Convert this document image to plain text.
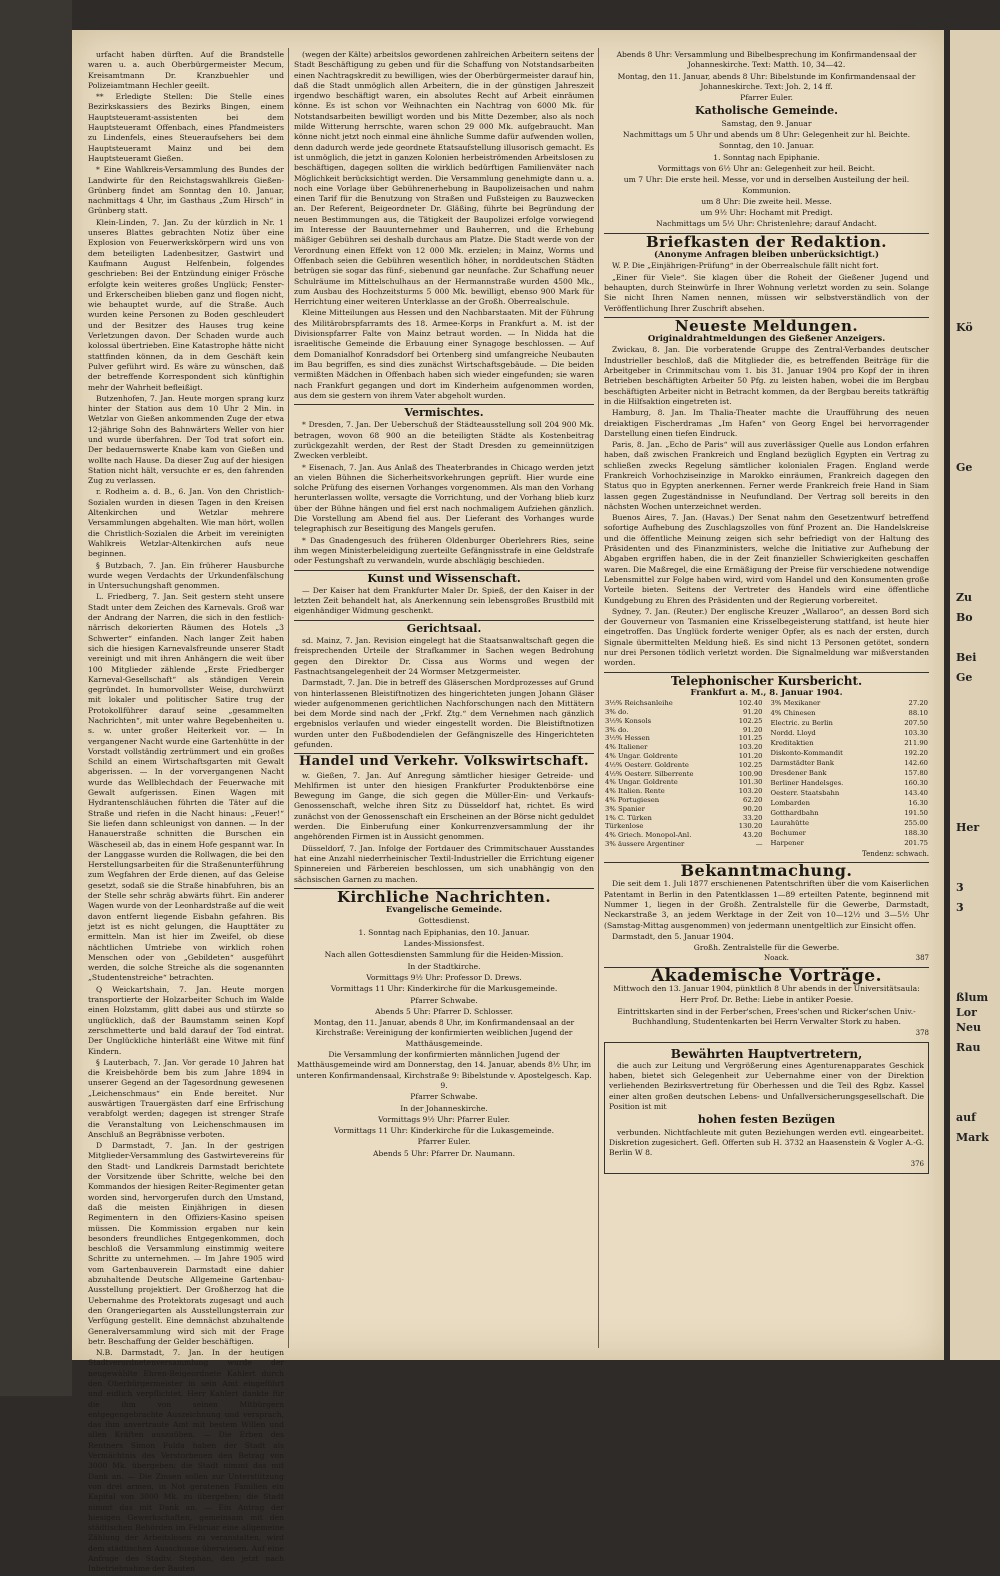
urfacht haben dürften. Auf die Brandstelle waren u. a. auch Oberbürgermeister Mecum, Kreisamtmann Dr. Kranzbuehler und Polizeiamtmann Hechler geeilt.

** Erledigte Stellen: Die Stelle eines Bezirkskassiers des Bezirks Bingen, einem Hauptsteueramt-assistenten bei dem Hauptsteueramt Offenbach, eines Pfandmeisters zu Lindenfels, eines Steueraufsehers bei dem Hauptsteueramt Mainz und bei dem Hauptsteueramt Gießen.

* Eine Wahlkreis-Versammlung des Bundes der Landwirte für den Reichstagswahlkreis Gießen-Grünberg findet am Sonntag den 10. Januar, nachmittags 4 Uhr, im Gasthaus „Zum Hirsch“ in Grünberg statt.

Klein-Linden, 7. Jan. Zu der kürzlich in Nr. 1 unseres Blattes gebrachten Notiz über eine Explosion von Feuerwerkskörpern wird uns von dem beteiligten Ladenbesitzer, Gastwirt und Kaufmann August Helfenbein, folgendes geschrieben: Bei der Entzündung einiger Frösche erfolgte kein weiteres großes Unglück; Fenster- und Erkerscheiben blieben ganz und flogen nicht, wie behauptet wurde, auf die Straße. Auch wurden keine Personen zu Boden geschleudert und der Besitzer des Hauses trug keine Verletzungen davon. Der Schaden wurde auch kolossal übertrieben. Eine Katastrophe hätte nicht stattfinden können, da in dem Geschäft kein Pulver geführt wird. Es wäre zu wünschen, daß der betreffende Korrespondent sich künftighin mehr der Wahrheit befleißigt.

Butzenhofen, 7. Jan. Heute morgen sprang kurz hinter der Station aus dem 10 Uhr 2 Min. in Wetzlar von Gießen ankommenden Zuge der etwa 12-jährige Sohn des Bahnwärters Weller von hier und wurde überfahren. Der Tod trat sofort ein. Der bedauernswerte Knabe kam von Gießen und wollte nach Hause. Da dieser Zug auf der hiesigen Station nicht hält, versuchte er es, den fahrenden Zug zu verlassen.

r. Rodheim a. d. B., 6. Jan. Von den Christlich-Sozialen wurden in diesen Tagen in den Kreisen Altenkirchen und Wetzlar mehrere Versammlungen abgehalten. Wie man hört, wollen die Christlich-Sozialen die Arbeit im vereinigten Wahlkreis Wetzlar-Altenkirchen aufs neue beginnen.

§ Butzbach, 7. Jan. Ein früherer Hausburche wurde wegen Verdachts der Urkundenfälschung in Untersuchungshaft genommen.

L. Friedberg, 7. Jan. Seit gestern steht unsere Stadt unter dem Zeichen des Karnevals. Groß war der Andrang der Narren, die sich in den festlich-närrisch dekorierten Räumen des Hotels „3 Schwerter“ einfanden. Nach langer Zeit haben sich die hiesigen Karnevalsfreunde unserer Stadt vereinigt und mit ihren Anhängern die weit über 100 Mitglieder zählende „Erste Friedberger Karneval-Gesellschaft“ als ständigen Verein gegründet. In humorvollster Weise, durchwürzt mit lokaler und politischer Satire trug der Protokollführer darauf seine „gesammelten Nachrichten“, mit unter wahre Begebenheiten u. s. w. unter großer Heiterkeit vor. — In vergangener Nacht wurde eine Gartenhütte in der Vorstadt vollständig zertrümmert und ein großes Schild an einem Wirtschaftsgarten mit Gewalt abgerissen. — In der vorvergangenen Nacht wurde das Wellblechdach der Feuerwache mit Gewalt aufgerissen. Einen Wagen mit Hydrantenschläuchen führten die Täter auf die Straße und riefen in die Nacht hinaus: „Feuer!“ Sie liefen dann schleunigst von dannen. — In der Hanauerstraße schnitten die Burschen ein Wäscheseil ab, das in einem Hofe gespannt war. In der Langgasse wurden die Rollwagen, die bei den Herstellungsarbeiten für die Straßenunterführung zum Wegfahren der Erde dienen, auf das Geleise gesetzt, sodaß sie die Straße hinabfuhren, bis an der Stelle sehr schräg abwärts führt. Ein anderer Wagen wurde von der Leonhardstraße auf die weit davon entfernt liegende Eisbahn gefahren. Bis jetzt ist es nicht gelungen, die Haupttäter zu ermitteln. Man ist hier im Zweifel, ob diese nächtlichen Umtriebe von wirklich rohen Menschen oder von „Gebildeten“ ausgeführt werden, die solche Streiche als die sogenannten „Studentenstreiche“ betrachten.

Q Weickartshain, 7. Jan. Heute morgen transportierte der Holzarbeiter Schuch im Walde einen Holzstamm, glitt dabei aus und stürzte so unglücklich, daß der Baumstamm seinen Kopf zerschmetterte und bald darauf der Tod eintrat. Der Unglückliche hinterläßt eine Witwe mit fünf Kindern.

§ Lauterbach, 7. Jan. Vor gerade 10 Jahren hat die Kreisbehörde bem bis zum Jahre 1894 in unserer Gegend an der Tagesordnung gewesenen „Leichenschmaus“ ein Ende bereitet. Nur auswärtigen Trauergästen darf eine Erfrischung verabfolgt werden; dagegen ist strenger Strafe die Veranstaltung von Leichenschmausen im Anschluß an Begräbnisse verboten.

D Darmstadt, 7. Jan. In der gestrigen Mitglieder-Versammlung des Gastwirtevereins für den Stadt- und Landkreis Darmstadt berichtete der Vorsitzende über Schritte, welche bei den Kommandos der hiesigen Reiter-Regimenter getan worden sind, hervorgerufen durch den Umstand, daß die meisten Einjährigen in diesen Regimentern in den Offiziers-Kasino speisen müssen. Die Kommission ergaben nur kein besonders freundliches Entgegenkommen, doch beschloß die Versammlung einstimmig weitere Schritte zu unternehmen. — Im Jahre 1905 wird vom Gartenbauverein Darmstadt eine dahier abzuhaltende Deutsche Allgemeine Gartenbau-Ausstellung projektiert. Der Großherzog hat die Uebernahme des Protektorats zugesagt und auch den Orangeriegarten als Ausstellungsterrain zur Verfügung gestellt. Eine demnächst abzuhaltende Generalversammlung wird sich mit der Frage betr. Beschaffung der Gelder beschäftigen.

N.B. Darmstadt, 7. Jan. In der heutigen Stadtverordnetenversammlung wurde der neugewählte Ehren-Beigeordnete Kahlert durch den Oberbürgermeister in sein Amt eingeführt und eidlich verpflichtet. Herr Kahlert dankte für die ihm von seinen Mitbürgern entgegengebrachte Auszeichnung und versprach, das ihm anvertraute Amt mit bestem Willen und allen Kräften auszuüben. — Die Erben des Rentners Simon Fulda haben der Stadt als Vermächtnis des Verstorbenen den Betrag von 3000 Mk. übergeben; die Stadt nimmt das mit Dank an. — Die Zinsen sollen zur Unterstützung von drei armen, in Not geratenen Familien ein Kapital von 3000 Mk. zu übergeben; die Stadt nimmt das mit Dank an. — Ein Antrag der hiesigen Gewerkschaften, gemeinsam mit den städtischen Behörden im Februar eine allgemeine Zählung der Arbeitslosen zu veranstalten, wird dem städtischen Ausschusse überwiesen. Auf eine Anfrage des Stadtv. Stephan, den jetzt nach Inbetriebnahme der Bauten

(wegen der Kälte) arbeitslos gewordenen zahlreichen Arbeitern seitens der Stadt Beschäftigung zu geben und für die Schaffung von Notstandsarbeiten einen Nachtragskredit zu bewilligen, wies der Oberbürgermeister darauf hin, daß die Stadt unmöglich allen Arbeitern, die in der günstigen Jahreszeit irgendwo beschäftigt waren, ein absolutes Recht auf Arbeit einräumen könne. Es ist schon vor Weihnachten ein Nachtrag von 6000 Mk. für Notstandsarbeiten bewilligt worden und bis Mitte Dezember, also als noch milde Witterung herrschte, waren schon 29 000 Mk. aufgebraucht. Man könne nicht jetzt noch einmal eine ähnliche Summe dafür aufwenden wollen, denn dadurch werde jede geordnete Etatsaufstellung illusorisch gemacht. Es ist unmöglich, die jetzt in ganzen Kolonien herbeiströmenden Arbeitslosen zu beschäftigen, dagegen sollten die wirklich bedürftigen Familienväter nach Möglichkeit berücksichtigt werden. Die Versammlung genehmigte dann u. a. noch eine Vorlage über Gebührenerhebung in Baupolizeisachen und nahm einen Tarif für die Benutzung von Straßen und Fußsteigen zu Bauzwecken an. Der Referent, Beigeordneter Dr. Gläßing, führte bei Begründung der neuen Bestimmungen aus, die Tätigkeit der Baupolizei erfolge vorwiegend im Interesse der Bauunternehmer und Bauherren, und die Erhebung mäßiger Gebühren sei deshalb durchaus am Platze. Die Stadt werde von der Verordnung einen Effekt von 12 000 Mk. erzielen; in Mainz, Worms und Offenbach seien die Gebühren wesentlich höher, in norddeutschen Städten betrügen sie sogar das fünf-, siebenund gar neunfache. Zur Schaffung neuer Schulräume im Mittelschulhaus an der Hermannstraße wurden 4500 Mk., zum Ausbau des Hochzeitsturms 5 000 Mk. bewilligt, ebenso 900 Mark für Herrichtung einer weiteren Unterklasse an der Großh. Oberrealschule.

Kleine Mitteilungen aus Hessen und den Nachbarstaaten. Mit der Führung des Militärobrspfarramts des 18. Armee-Korps in Frankfurt a. M. ist der Divisionspfarrer Falte von Mainz betraut worden. — In Nidda hat die israelitische Gemeinde die Erbauung einer Synagoge beschlossen. — Auf dem Domanialhof Konradsdorf bei Ortenberg sind umfangreiche Neubauten im Bau begriffen, es sind dies zunächst Wirtschaftsgebäude. — Die beiden vermißten Mädchen in Offenbach haben sich wieder eingefunden; sie waren nach Frankfurt gegangen und dort im Kinderheim aufgenommen worden, aus dem sie gestern von ihrem Vater abgeholt wurden.

Vermischtes.

* Dresden, 7. Jan. Der Ueberschuß der Städteausstellung soll 204 900 Mk. betragen, wovon 68 900 an die beteiligten Städte als Kostenbeitrag zurückgezahlt werden, der Rest der Stadt Dresden zu gemeinnützigen Zwecken verbleibt.

* Eisenach, 7. Jan. Aus Anlaß des Theaterbrandes in Chicago werden jetzt an vielen Bühnen die Sicherheitsvorkehrungen geprüft. Hier wurde eine solche Prüfung des eisernen Vorhanges vorgenommen. Als man den Vorhang herunterlassen wollte, versagte die Vorrichtung, und der Vorhang blieb kurz über der Bühne hängen und fiel erst nach nochmaligem Aufziehen gänzlich. Die Vorstellung am Abend fiel aus. Der Lieferant des Vorhanges wurde telegraphisch zur Beseitigung des Mangels gerufen.

* Das Gnadengesuch des früheren Oldenburger Oberlehrers Ries, seine ihm wegen Ministerbeleidigung zuerteilte Gefängnisstrafe in eine Geldstrafe oder Festungshaft zu verwandeln, wurde abschlägig beschieden.

Kunst und Wissenschaft.

— Der Kaiser hat dem Frankfurter Maler Dr. Spieß, der den Kaiser in der letzten Zeit behandelt hat, als Anerkennung sein lebensgroßes Brustbild mit eigenhändiger Widmung geschenkt.

Gerichtsaal.

sd. Mainz, 7. Jan. Revision eingelegt hat die Staatsanwaltschaft gegen die freisprechenden Urteile der Strafkammer in Sachen wegen Bedrohung gegen den Direktor Dr. Cissa aus Worms und wegen der Fastnachtsangelegenheit der 24 Wormser Metzgermeister.

Darmstadt, 7. Jan. Die in betreff des Gläserschen Mordprozesses auf Grund von hinterlassenen Bleistiftnotizen des hingerichteten jungen Johann Gläser wieder aufgenommenen gerichtlichen Nachforschungen nach den Mittätern bei dem Morde sind nach der „Frkf. Ztg.“ dem Vernehmen nach gänzlich ergebnislos verlaufen und wieder eingestellt worden. Die Bleistiftnotizen wurden unter den Fußbodendielen der Gefängniszelle des Hingerichteten gefunden.

Handel und Verkehr. Volkswirtschaft.

w. Gießen, 7. Jan. Auf Anregung sämtlicher hiesiger Getreide- und Mehlfirmen ist unter den hiesigen Frankfurter Produktenbörse eine Bewegung im Gange, die sich gegen die Müller-Ein- und Verkaufs-Genossenschaft, welche ihren Sitz zu Düsseldorf hat, richtet. Es wird zunächst von der Genossenschaft ein Erscheinen an der Börse nicht geduldet werden. Die Einberufung einer Konkurrenzversammlung der ihr angehörenden Firmen ist in Aussicht genommen.

Düsseldorf, 7. Jan. Infolge der Fortdauer des Crimmitschauer Ausstandes hat eine Anzahl niederrheinischer Textil-Industrieller die Errichtung eigener Spinnereien und Färbereien beschlossen, um sich unabhängig von den sächsischen Garnen zu machen.

Kirchliche Nachrichten.
Evangelische Gemeinde.

Gottesdienst.

1. Sonntag nach Epiphanias, den 10. Januar.

Landes-Missionsfest.

Nach allen Gottesdiensten Sammlung für die Heiden-Mission.

In der Stadtkirche.

Vormittags 9½ Uhr: Professor D. Drews.

Vormittags 11 Uhr: Kinderkirche für die Markusgemeinde.

Pfarrer Schwabe.

Abends 5 Uhr: Pfarrer D. Schlosser.

Montag, den 11. Januar, abends 8 Uhr, im Konfirmandensaal an der Kirchstraße: Vereinigung der konfirmierten weiblichen Jugend der Matthäusgemeinde.

Die Versammlung der konfirmierten männlichen Jugend der Matthäusgemeinde wird am Donnerstag, den 14. Januar, abends 8½ Uhr, im unteren Konfirmandensaal, Kirchstraße 9: Bibelstunde v. Apostelgesch. Kap. 9.

Pfarrer Schwabe.

In der Johanneskirche.

Vormittags 9½ Uhr: Pfarrer Euler.

Vormittags 11 Uhr: Kinderkirche für die Lukasgemeinde.

Pfarrer Euler.

Abends 5 Uhr: Pfarrer Dr. Naumann.

Abends 8 Uhr: Versammlung und Bibelbesprechung im Konfirmandensaal der Johanneskirche. Text: Matth. 10, 34—42.

Montag, den 11. Januar, abends 8 Uhr: Bibelstunde im Konfirmandensaal der Johanneskirche. Text: Joh. 2, 14 ff.

Pfarrer Euler.

Katholische Gemeinde.

Samstag, den 9. Januar

Nachmittags um 5 Uhr und abends um 8 Uhr: Gelegenheit zur hl. Beichte.

Sonntag, den 10. Januar.

1. Sonntag nach Epiphanie.

Vormittags von 6½ Uhr an: Gelegenheit zur heil. Beicht.

um 7 Uhr: Die erste heil. Messe, vor und in derselben Austeilung der heil. Kommunion.

um 8 Uhr: Die zweite heil. Messe.

um 9½ Uhr: Hochamt mit Predigt.

Nachmittags um 5½ Uhr: Christenlehre; darauf Andacht.

Briefkasten der Redaktion.
(Anonyme Anfragen bleiben unberücksichtigt.)

W. P. Die „Einjährigen-Prüfung“ in der Oberrealschule fällt nicht fort.

„Einer für Viele“. Sie klagen über die Roheit der Gießener Jugend und behaupten, durch Steinwürfe in Ihrer Wohnung verletzt worden zu sein. Solange Sie nicht Ihren Namen nennen, müssen wir selbstverständlich von der Veröffentlichung Ihrer Zuschrift absehen.

Neueste Meldungen.
Originaldrahtmeldungen des Gießener Anzeigers.

Zwickau, 8. Jan. Die vorberatende Gruppe des Zentral-Verbandes deutscher Industrieller beschloß, daß die Mitglieder die, es betreffenden Beiträge für die Arbeitgeber in Crimmitschau vom 1. bis 31. Januar 1904 pro Kopf der in ihren Betrieben beschäftigten Arbeiter 50 Pfg. zu leisten haben, wobei die im Bergbau beschäftigten Arbeiter nicht in Betracht kommen, da der Bergbau bereits tatkräftig in die Hilfsaktion eingetreten ist.

Hamburg, 8. Jan. Im Thalia-Theater machte die Uraufführung des neuen dreiaktigen Fischerdramas „Im Hafen“ von Georg Engel bei hervorragender Darstellung einen tiefen Eindruck.

Paris, 8. Jan. „Echo de Paris“ will aus zuverlässiger Quelle aus London erfahren haben, daß zwischen Frankreich und England bezüglich Egypten ein Vertrag zu schließen zwecks Regelung sämtlicher kolonialen Fragen. England werde Frankreich Vorhochziseinzige in Marokko einräumen, Frankreich dagegen den Status quo in Egypten anerkennen. Ferner werde Frankreich freie Hand in Siam lassen gegen Zugeständnisse in Neufundland. Der Vertrag soll bereits in den nächsten Wochen unterzeichnet werden.

Buenos Aires, 7. Jan. (Havas.) Der Senat nahm den Gesetzentwurf betreffend sofortige Aufhebung des Zuschlagszolles von fünf Prozent an. Die Handelskreise und die öffentliche Meinung zeigen sich sehr befriedigt von der Haltung des Präsidenten und des Finanzministers, welche die Initiative zur Aufhebung der Abgaben ergriffen haben, die in der Zeit finanzieller Schwierigkeiten geschaffen waren. Die Maßregel, die eine Ermäßigung der Preise für verschiedene notwendige Lebensmittel zur Folge haben wird, wird vom Handel und den Konsumenten große Vorteile bieten. Seitens der Vertreter des Handels wird eine öffentliche Kundgebung zu Ehren des Präsidenten und der Regierung vorbereitet.

Sydney, 7. Jan. (Reuter.) Der englische Kreuzer „Wallaroo“, an dessen Bord sich der Gouverneur von Tasmanien eine Krisselbegeisterung stattfand, ist heute hier eingetroffen. Das Unglück forderte weniger Opfer, als es nach der ersten, durch Signale übermittelten Meldung hieß. Es sind nicht 13 Personen getötet, sondern nur drei Personen tödlich verletzt worden. Die Signalmeldung war mißverstanden worden.

Telephonischer Kursbericht.
Frankfurt a. M., 8. Januar 1904.
3½% Reichsanleihe	102.40
3% do.	91.20
3½% Konsols	102.25
3% do.	91.20
3½% Hessen	101.25
4% Italiener	103.20
4% Ungar. Goldrente	101.20
4½% Oesterr. Goldrente	102.25
4½% Oesterr. Silberrente	100.90
4% Ungar. Goldrente	101.30
4% Italien. Rente	103.20
4% Portugiesen	62.20
3% Spanier	90.20
1% C. Türken	33.20
Türkenlose	130.20
4% Griech. Monopol-Anl.	43.20
3% äussere Argentiner	—
3% Mexikaner	27.20
4% Chinesen	88.10
Electric. zu Berlin	207.50
Nordd. Lloyd	103.30
Kreditaktien	211.90
Diskonto-Kommandit	192.20
Darmstädter Bank	142.60
Dresdener Bank	157.80
Berliner Handelsges.	160.30
Oesterr. Staatsbahn	143.40
Lombarden	16.30
Gotthardbahn	191.50
Laurahütte	255.00
Bochumer	188.30
Harpener	201.75
Tendenz: schwach.
Bekanntmachung.

Die seit dem 1. Juli 1877 erschienenen Patentschriften über die vom Kaiserlichen Patentamt in Berlin in den Patentklassen 1—89 erteilten Patente, beginnend mit Nummer 1, liegen in der Großh. Zentralstelle für die Gewerbe, Darmstadt, Neckarstraße 3, an jedem Werktage in der Zeit von 10—12½ und 3—5½ Uhr (Samstag-Mittag ausgenommen) von jedermann unentgeltlich zur Einsicht offen.

Darmstadt, den 5. Januar 1904.

Großh. Zentralstelle für die Gewerbe.
Noack.	387
Akademische Vorträge.

Mittwoch den 13. Januar 1904, pünktlich 8 Uhr abends in der Universitätsaula:

Herr Prof. Dr. Bethe: Liebe in antiker Poesie.

Eintrittskarten sind in der Ferber'schen, Frees'schen und Ricker'schen Univ.-Buchhandlung, Studentenkarten bei Herrn Verwalter Stork zu haben.

378
Bewährten Hauptvertretern,

die auch zur Leitung und Vergrößerung eines Agenturenapparates Geschick haben, bietet sich Gelegenheit zur Uebernahme einer von der Direktion verliehenden Bezirksvertretung für Oberhessen und die Teil des Rgbz. Kassel einer alten großen deutschen Lebens- und Unfallversicherungsgesellschaft. Die Position ist mit

hohen festen Bezügen

verbunden. Nichtfachleute mit guten Beziehungen werden evtl. eingearbeitet. Diskretion zugesichert. Gefl. Offerten sub H. 3732 an Haasenstein & Vogler A.-G. Berlin W 8.

376
Kö
Ge
Zu
Bo
Bei
Ge
Her
3
3
ßlum
Lor
Neu
Rau
auf
Mark
